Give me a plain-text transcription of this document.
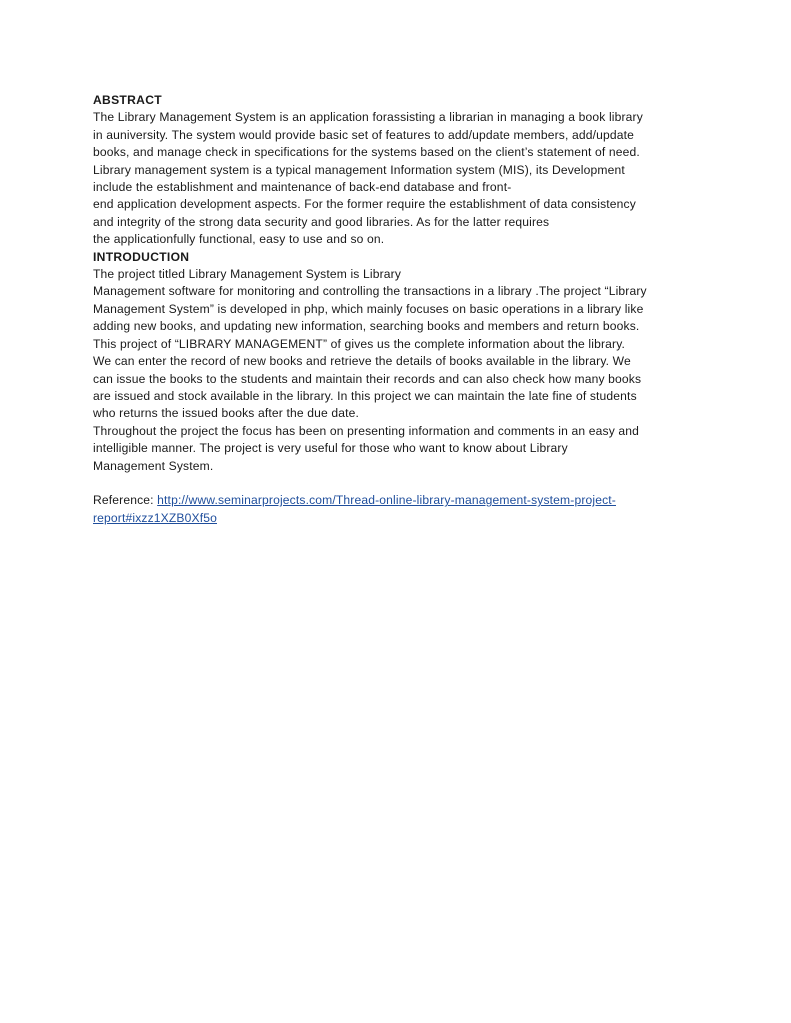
ABSTRACT
The Library Management System is an application forassisting a librarian in managing a book library
in auniversity. The system would provide basic set of features to add/update members, add/update
books, and manage check in specifications for the systems based on the client’s statement of need.
Library management system is a typical management Information system (MIS), its Development
include the establishment and maintenance of back-end database and front-
end application development aspects. For the former require the establishment of data consistency
and integrity of the strong data security and good libraries. As for the latter requires
the applicationfully functional, easy to use and so on.
INTRODUCTION
The project titled Library Management System is Library
Management software for monitoring and controlling the transactions in a library .The project “Library
Management System” is developed in php, which mainly focuses on basic operations in a library like
adding new books, and updating new information, searching books and members and return books.
This project of “LIBRARY MANAGEMENT” of gives us the complete information about the library.
We can enter the record of new books and retrieve the details of books available in the library. We
can issue the books to the students and maintain their records and can also check how many books
are issued and stock available in the library. In this project we can maintain the late fine of students
who returns the issued books after the due date.
Throughout the project the focus has been on presenting information and comments in an easy and
intelligible manner. The project is very useful for those who want to know about Library
Management System.
Reference: http://www.seminarprojects.com/Thread-online-library-management-system-project-
report#ixzz1XZB0Xf5o
